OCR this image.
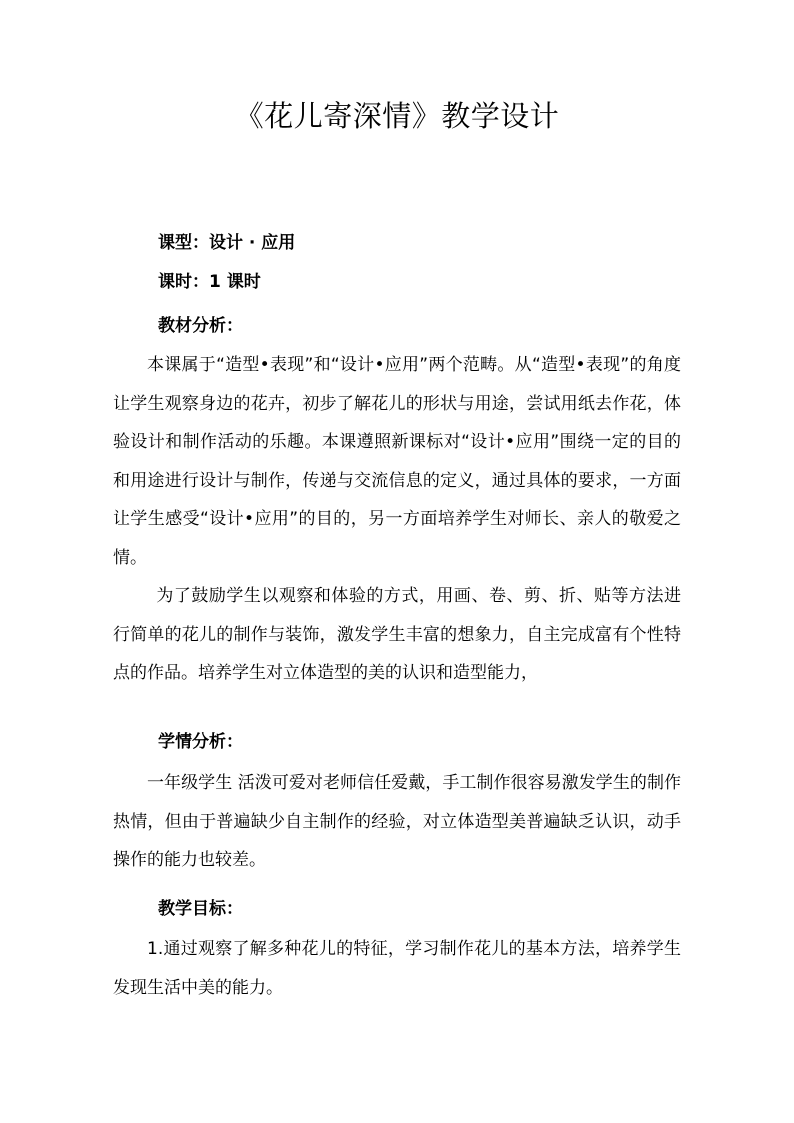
《花儿寄深情》教学设计
课型：设计 · 应用
课时：1 课时
教材分析：

本课属于“造型•表现”和“设计•应用”两个范畴。从“造型•表现”的角度让学生观察身边的花卉，初步了解花儿的形状与用途，尝试用纸去作花，体验设计和制作活动的乐趣。本课遵照新课标对“设计•应用”围绕一定的目的和用途进行设计与制作，传递与交流信息的定义，通过具体的要求，一方面让学生感受“设计•应用”的目的，另一方面培养学生对师长、亲人的敬爱之情。

为了鼓励学生以观察和体验的方式，用画、卷、剪、折、贴等方法进行简单的花儿的制作与装饰，激发学生丰富的想象力，自主完成富有个性特点的作品。培养学生对立体造型的美的认识和造型能力，

学情分析：

一年级学生 活泼可爱对老师信任爱戴，手工制作很容易激发学生的制作热情，但由于普遍缺少自主制作的经验，对立体造型美普遍缺乏认识，动手操作的能力也较差。

教学目标：

1.通过观察了解多种花儿的特征，学习制作花儿的基本方法，培养学生发现生活中美的能力。
